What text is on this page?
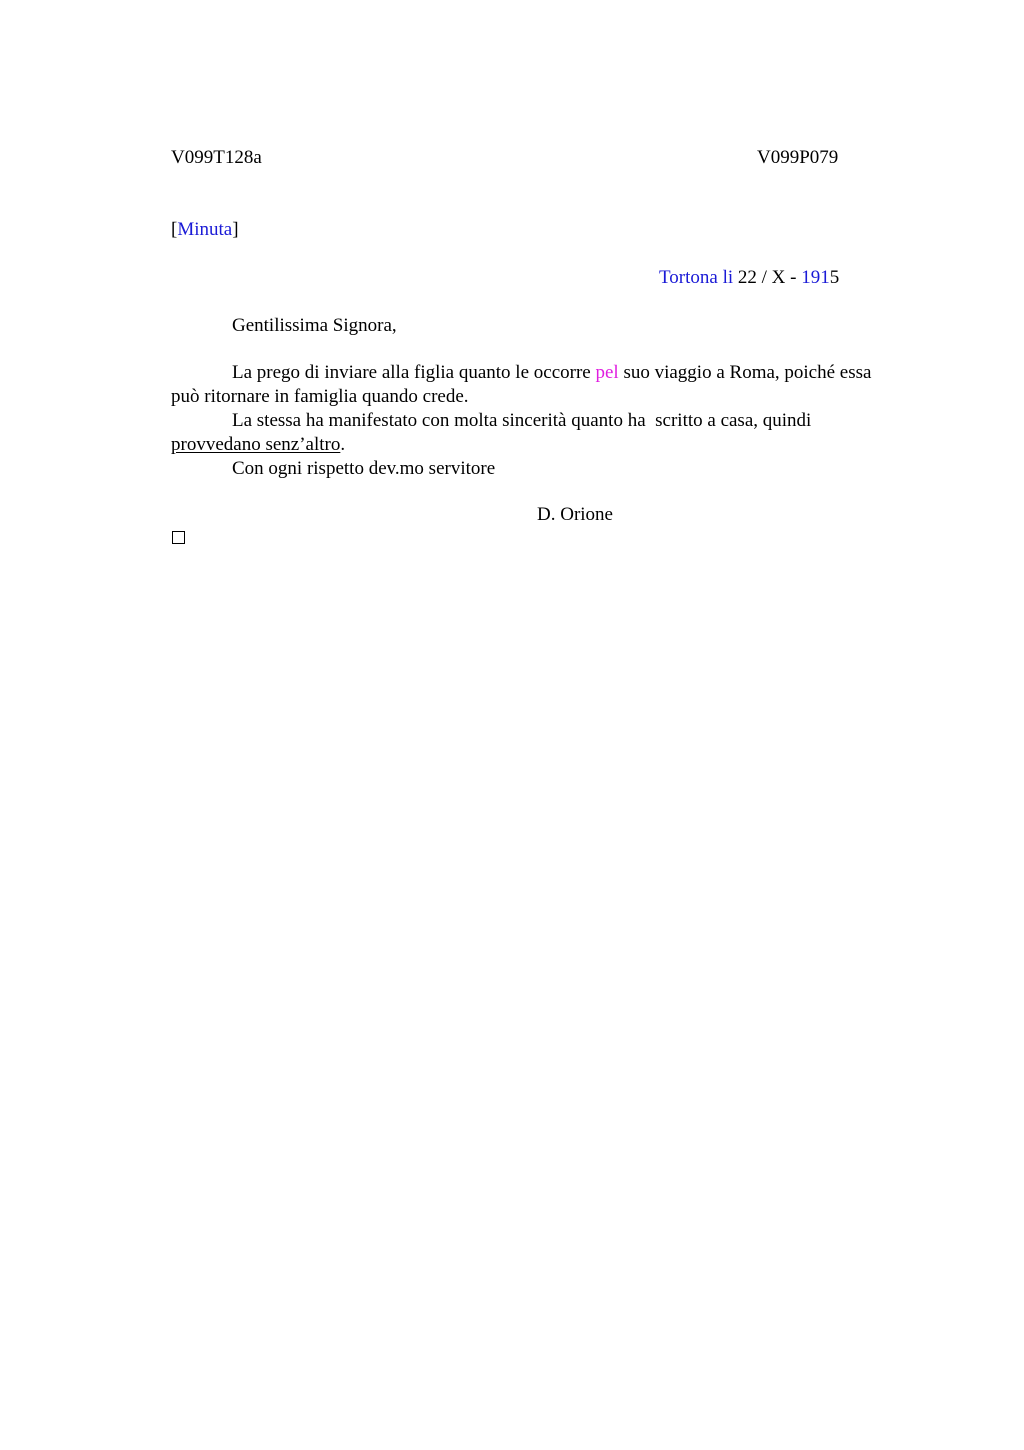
V099T128a	V099P079
[Minuta]
Tortona li 22 / X - 1915
Gentilissima Signora,
La prego di inviare alla figlia quanto le occorre pel suo viaggio a Roma, poiché essa
può ritornare in famiglia quando crede.
La stessa ha manifestato con molta sincerità quanto ha  scritto a casa, quindi
provvedano senz’altro.
Con ogni rispetto dev.mo servitore
D. Orione
